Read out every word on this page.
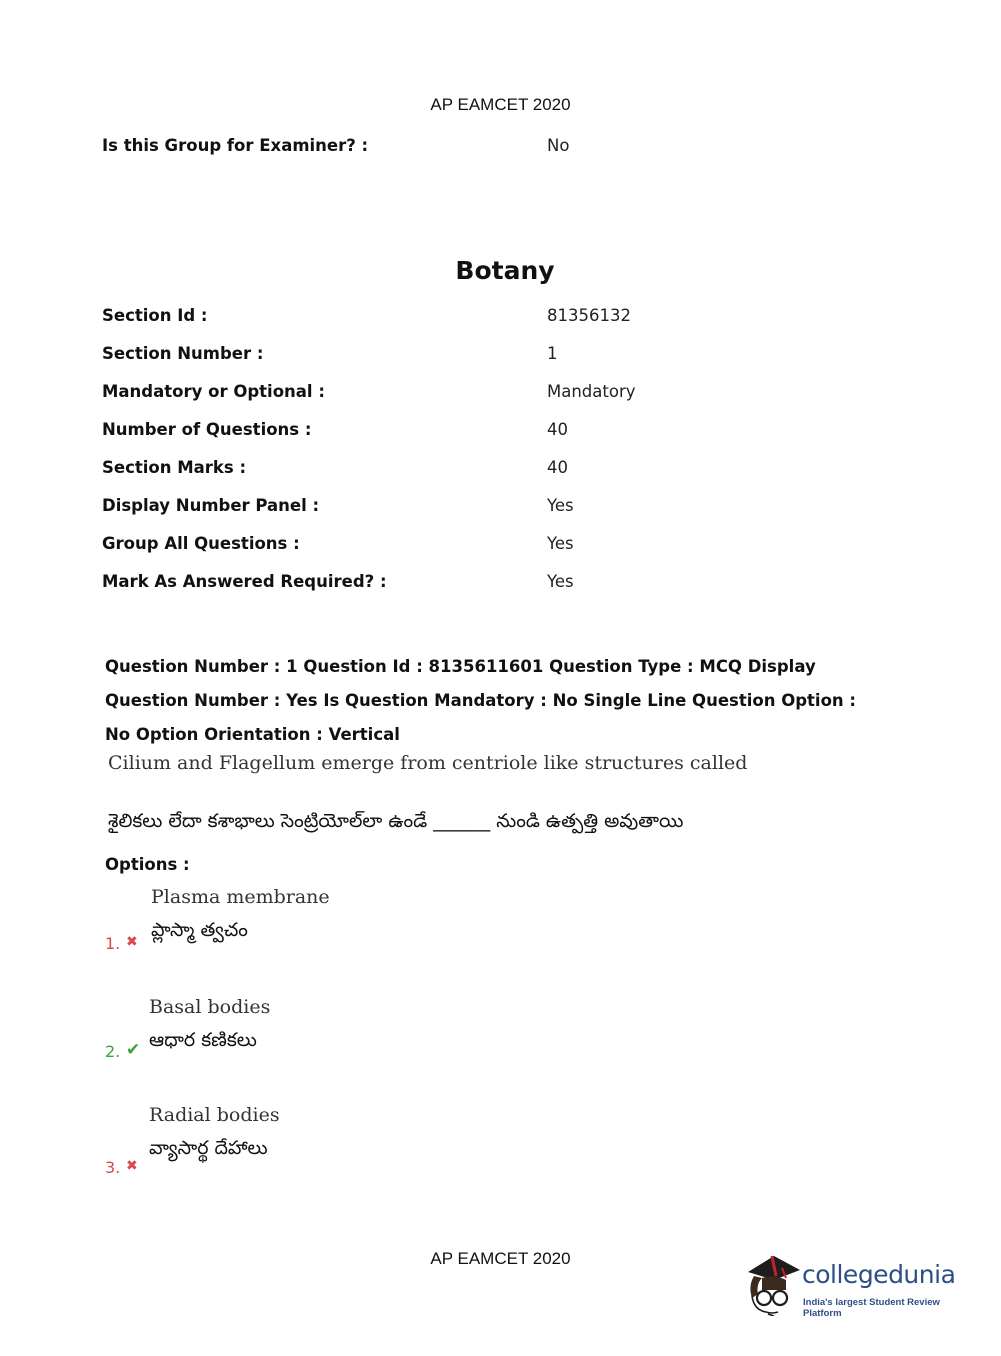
AP EAMCET 2020
Is this Group for Examiner? :	No
Botany
Section Id :	81356132
Section Number :	1
Mandatory or Optional :	Mandatory
Number of Questions :	40
Section Marks :	40
Display Number Panel :	Yes
Group All Questions :	Yes
Mark As Answered Required? :	Yes

Question Number : 1 Question Id : 8135611601 Question Type : MCQ Display Question Number : Yes Is Question Mandatory : No Single Line Question Option : No Option Orientation : Vertical

Cilium and Flagellum emerge from centriole like structures called
శైలికలు లేదా కశాభాలు సెంట్రియోల్‌లా ఉండే ______ నుండి ఉత్పత్తి అవుతాయి
Options :
1. ✖
Plasma membrane
ప్లాస్మా త్వచం
2. ✔
Basal bodies
ఆధార కణికలు
3. ✖
Radial bodies
వ్యాసార్థ దేహాలు
AP EAMCET 2020
collegedunia
India's largest Student Review Platform
